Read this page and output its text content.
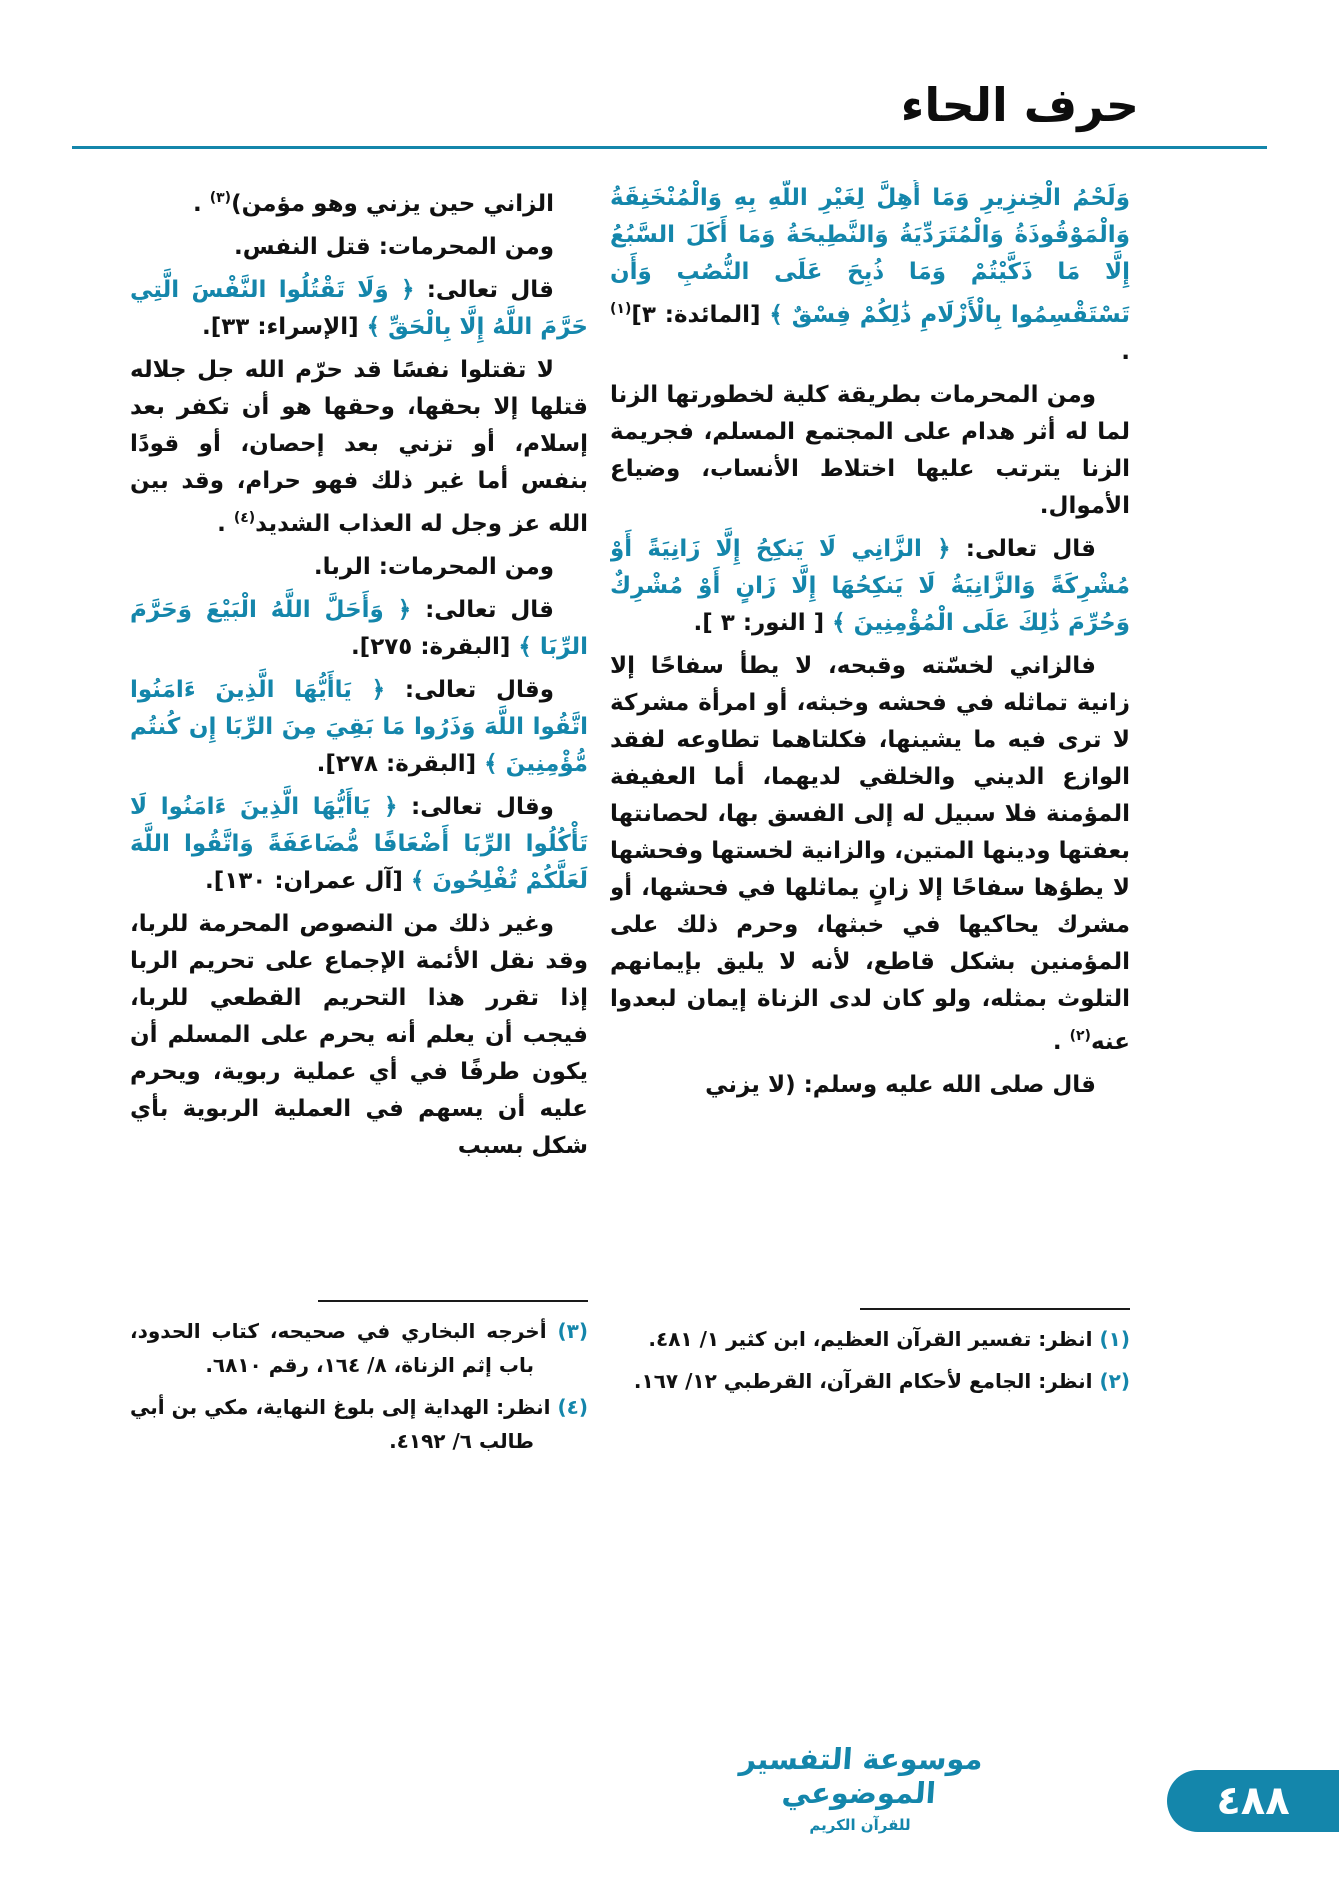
حرف الحاء

وَلَحْمُ الْخِنزِيرِ وَمَا أُهِلَّ لِغَيْرِ اللَّهِ بِهِ وَالْمُنْخَنِقَةُ وَالْمَوْقُوذَةُ وَالْمُتَرَدِّيَةُ وَالنَّطِيحَةُ وَمَا أَكَلَ السَّبُعُ إِلَّا مَا ذَكَّيْتُمْ وَمَا ذُبِحَ عَلَى النُّصُبِ وَأَن تَسْتَقْسِمُوا بِالْأَزْلَامِ ذَٰلِكُمْ فِسْقٌ ﴾ [المائدة: ٣]$^{(١)}$ .

ومن المحرمات بطريقة كلية لخطورتها الزنا لما له أثر هدام على المجتمع المسلم، فجريمة الزنا يترتب عليها اختلاط الأنساب، وضياع الأموال.

قال تعالى: ﴿ الزَّانِي لَا يَنكِحُ إِلَّا زَانِيَةً أَوْ مُشْرِكَةً وَالزَّانِيَةُ لَا يَنكِحُهَا إِلَّا زَانٍ أَوْ مُشْرِكٌ وَحُرِّمَ ذَٰلِكَ عَلَى الْمُؤْمِنِينَ ﴾ [ النور: ٣ ].

فالزاني لخسّته وقبحه، لا يطأ سفاحًا إلا زانية تماثله في فحشه وخبثه، أو امرأة مشركة لا ترى فيه ما يشينها، فكلتاهما تطاوعه لفقد الوازع الديني والخلقي لديهما، أما العفيفة المؤمنة فلا سبيل له إلى الفسق بها، لحصانتها بعفتها ودينها المتين، والزانية لخستها وفحشها لا يطؤها سفاحًا إلا زانٍ يماثلها في فحشها، أو مشرك يحاكيها في خبثها، وحرم ذلك على المؤمنين بشكل قاطع، لأنه لا يليق بإيمانهم التلوث بمثله، ولو كان لدى الزناة إيمان لبعدوا عنه$^{(٢)}$ .

قال صلى الله عليه وسلم: (لا يزني

الزاني حين يزني وهو مؤمن)$^{(٣)}$ .

ومن المحرمات: قتل النفس.

قال تعالى: ﴿ وَلَا تَقْتُلُوا النَّفْسَ الَّتِي حَرَّمَ اللَّهُ إِلَّا بِالْحَقِّ ﴾ [الإسراء: ٣٣].

لا تقتلوا نفسًا قد حرّم الله جل جلاله قتلها إلا بحقها، وحقها هو أن تكفر بعد إسلام، أو تزني بعد إحصان، أو قودًا بنفس أما غير ذلك فهو حرام، وقد بين الله عز وجل له العذاب الشديد$^{(٤)}$ .

ومن المحرمات: الربا.

قال تعالى: ﴿ وَأَحَلَّ اللَّهُ الْبَيْعَ وَحَرَّمَ الرِّبَا ﴾ [البقرة: ٢٧٥].

وقال تعالى: ﴿ يَاأَيُّهَا الَّذِينَ ءَامَنُوا اتَّقُوا اللَّهَ وَذَرُوا مَا بَقِيَ مِنَ الرِّبَا إِن كُنتُم مُّؤْمِنِينَ ﴾ [البقرة: ٢٧٨].

وقال تعالى: ﴿ يَاأَيُّهَا الَّذِينَ ءَامَنُوا لَا تَأْكُلُوا الرِّبَا أَضْعَافًا مُّضَاعَفَةً وَاتَّقُوا اللَّهَ لَعَلَّكُمْ تُفْلِحُونَ ﴾ [آل عمران: ١٣٠].

وغير ذلك من النصوص المحرمة للربا، وقد نقل الأئمة الإجماع على تحريم الربا إذا تقرر هذا التحريم القطعي للربا، فيجب أن يعلم أنه يحرم على المسلم أن يكون طرفًا في أي عملية ربوية، ويحرم عليه أن يسهم في العملية الربوية بأي شكل بسبب

(١) انظر: تفسير القرآن العظيم، ابن كثير ١/ ٤٨١.

(٢) انظر: الجامع لأحكام القرآن، القرطبي ١٢/ ١٦٧.

(٣) أخرجه البخاري في صحيحه، كتاب الحدود، باب إثم الزناة، ٨/ ١٦٤، رقم ٦٨١٠.

(٤) انظر: الهداية إلى بلوغ النهاية، مكي بن أبي طالب ٦/ ٤١٩٢.

موسوعة التفسير الموضوعي
للقرآن الكريم
٤٨٨
